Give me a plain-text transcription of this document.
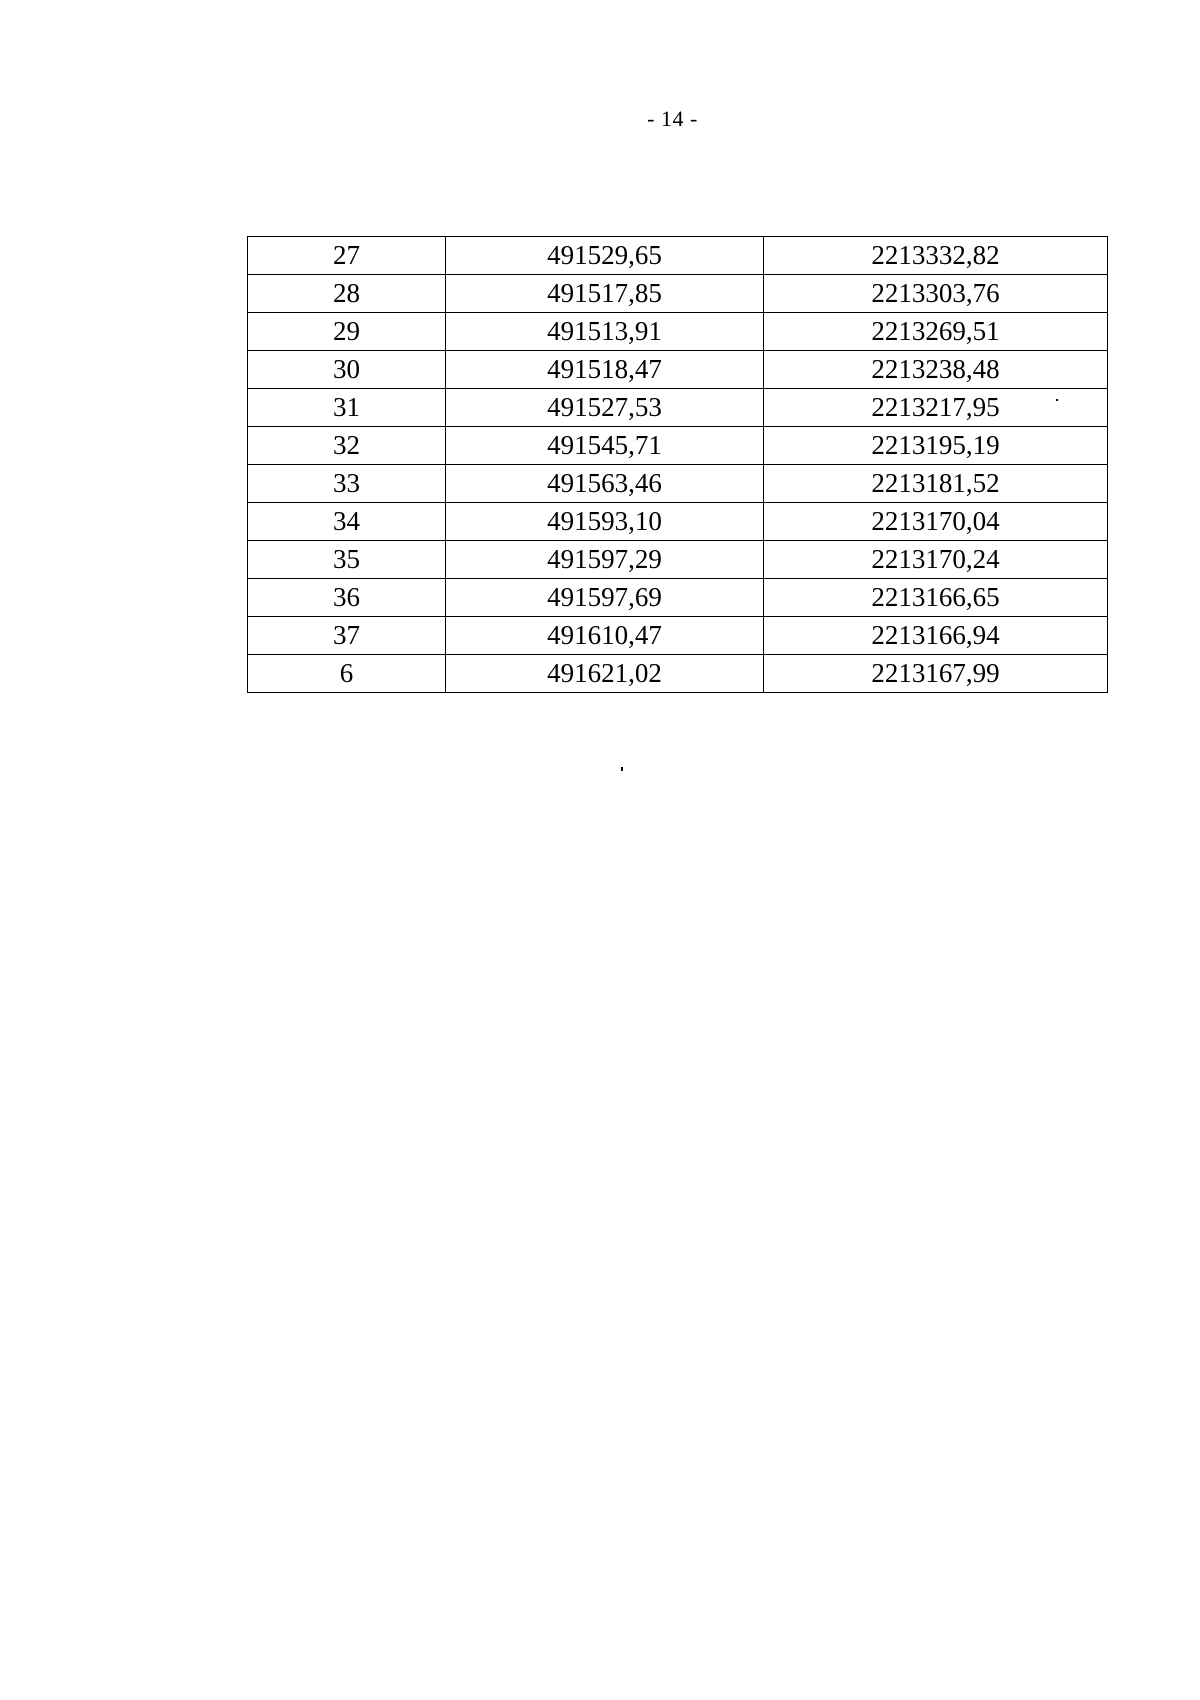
- 14 -
27	491529,65	2213332,82
28	491517,85	2213303,76
29	491513,91	2213269,51
30	491518,47	2213238,48
31	491527,53	2213217,95
32	491545,71	2213195,19
33	491563,46	2213181,52
34	491593,10	2213170,04
35	491597,29	2213170,24
36	491597,69	2213166,65
37	491610,47	2213166,94
6	491621,02	2213167,99
